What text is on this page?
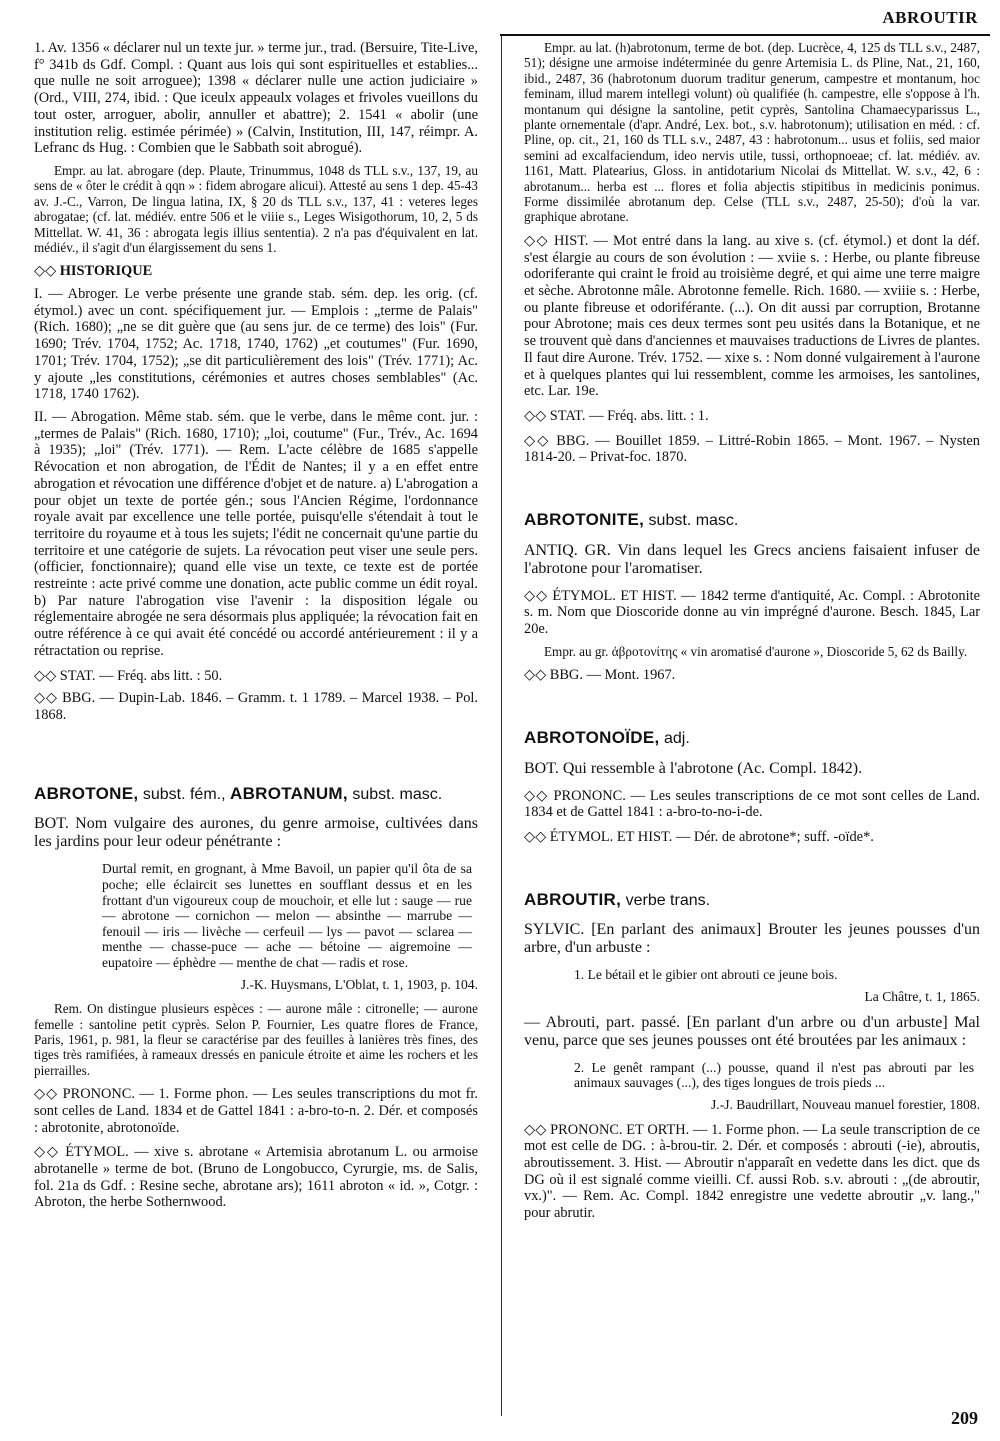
ABROUTIR

1. Av. 1356 « déclarer nul un texte jur. » terme jur., trad. (Bersuire, Tite-Live, f° 341b ds Gdf. Compl. : Quant aus lois qui sont espirituelles et establies... que nulle ne soit arroguee); 1398 « déclarer nulle une action judiciaire » (Ord., VIII, 274, ibid. : Que iceulx appeaulx volages et frivoles vueillons du tout oster, arroguer, abolir, annuller et abattre); 2. 1541 « abolir (une institution relig. estimée périmée) » (Calvin, Institution, III, 147, réimpr. A. Lefranc ds Hug. : Combien que le Sabbath soit abrogué).

Empr. au lat. abrogare (dep. Plaute, Trinummus, 1048 ds TLL s.v., 137, 19, au sens de « ôter le crédit à qqn » : fidem abrogare alicui). Attesté au sens 1 dep. 45-43 av. J.-C., Varron, De lingua latina, IX, § 20 ds TLL s.v., 137, 41 : veteres leges abrogatae; (cf. lat. médiév. entre 506 et le viiie s., Leges Wisigothorum, 10, 2, 5 ds Mittellat. W. 41, 36 : abrogata legis illius sententia). 2 n'a pas d'équivalent en lat. médiév., il s'agit d'un élargissement du sens 1.

◇◇ HISTORIQUE

I. — Abroger. Le verbe présente une grande stab. sém. dep. les orig. (cf. étymol.) avec un cont. spécifiquement jur. — Emplois : „terme de Palais" (Rich. 1680); „ne se dit guère que (au sens jur. de ce terme) des lois" (Fur. 1690; Trév. 1704, 1752; Ac. 1718, 1740, 1762) „et coutumes" (Fur. 1690, 1701; Trév. 1704, 1752); „se dit particulièrement des lois" (Trév. 1771); Ac. y ajoute „les constitutions, cérémonies et autres choses semblables" (Ac. 1718, 1740 1762).

II. — Abrogation. Même stab. sém. que le verbe, dans le même cont. jur. : „termes de Palais" (Rich. 1680, 1710); „loi, coutume" (Fur., Trév., Ac. 1694 à 1935); „loi" (Trév. 1771). — Rem. L'acte célèbre de 1685 s'appelle Révocation et non abrogation, de l'Édit de Nantes; il y a en effet entre abrogation et révocation une différence d'objet et de nature. a) L'abrogation a pour objet un texte de portée gén.; sous l'Ancien Régime, l'ordonnance royale avait par excellence une telle portée, puisqu'elle s'étendait à tout le territoire du royaume et à tous les sujets; l'édit ne concernait qu'une partie du territoire et une catégorie de sujets. La révocation peut viser une seule pers. (officier, fonctionnaire); quand elle vise un texte, ce texte est de portée restreinte : acte privé comme une donation, acte public comme un édit royal. b) Par nature l'abrogation vise l'avenir : la disposition légale ou réglementaire abrogée ne sera désormais plus appliquée; la révocation fait en outre référence à ce qui avait été concédé ou accordé antérieurement : il y a rétractation ou reprise.

◇◇ STAT. — Fréq. abs litt. : 50.

◇◇ BBG. — Dupin-Lab. 1846. – Gramm. t. 1 1789. – Marcel 1938. – Pol. 1868.

ABROTONE, subst. fém., ABROTANUM, subst. masc.

BOT. Nom vulgaire des aurones, du genre armoise, cultivées dans les jardins pour leur odeur pénétrante :

Durtal remit, en grognant, à Mme Bavoil, un papier qu'il ôta de sa poche; elle éclaircit ses lunettes en soufflant dessus et en les frottant d'un vigoureux coup de mouchoir, et elle lut : sauge — rue — abrotone — cornichon — melon — absinthe — marrube — fenouil — iris — livèche — cerfeuil — lys — pavot — sclarea — menthe — chasse-puce — ache — bétoine — aigremoine — eupatoire — éphèdre — menthe de chat — radis et rose.

J.-K. Huysmans, L'Oblat, t. 1, 1903, p. 104.

Rem. On distingue plusieurs espèces : — aurone mâle : citronelle; — aurone femelle : santoline petit cyprès. Selon P. Fournier, Les quatre flores de France, Paris, 1961, p. 981, la fleur se caractérise par des feuilles à lanières très fines, des tiges très ramifiées, à rameaux dressés en panicule étroite et aime les rochers et les pierrailles.

◇◇ PRONONC. — 1. Forme phon. — Les seules transcriptions du mot fr. sont celles de Land. 1834 et de Gattel 1841 : a-bro-to-n. 2. Dér. et composés : abrotonite, abrotonoïde.

◇◇ ÉTYMOL. — xive s. abrotane « Artemisia abrotanum L. ou armoise abrotanelle » terme de bot. (Bruno de Longobucco, Cyrurgie, ms. de Salis, fol. 21a ds Gdf. : Resine seche, abrotane ars); 1611 abroton « id. », Cotgr. : Abroton, the herbe Sothernwood.

Empr. au lat. (h)abrotonum, terme de bot. (dep. Lucrèce, 4, 125 ds TLL s.v., 2487, 51); désigne une armoise indéterminée du genre Artemisia L. ds Pline, Nat., 21, 160, ibid., 2487, 36 (habrotonum duorum traditur generum, campestre et montanum, hoc feminam, illud marem intellegi volunt) où qualifiée (h. campestre, elle s'oppose à l'h. montanum qui désigne la santoline, petit cyprès, Santolina Chamaecyparissus L., plante ornementale (d'apr. André, Lex. bot., s.v. habrotonum); utilisation en méd. : cf. Pline, op. cit., 21, 160 ds TLL s.v., 2487, 43 : habrotonum... usus et foliis, sed maior semini ad excalfaciendum, ideo nervis utile, tussi, orthopnoeae; cf. lat. médiév. av. 1161, Matt. Platearius, Gloss. in antidotarium Nicolai ds Mittellat. W. s.v., 42, 6 : abrotanum... herba est ... flores et folia abjectis stipitibus in medicinis ponimus. Forme dissimilée abrotanum dep. Celse (TLL s.v., 2487, 25-50); d'où la var. graphique abrotane.

◇◇ HIST. — Mot entré dans la lang. au xive s. (cf. étymol.) et dont la déf. s'est élargie au cours de son évolution : — xviie s. : Herbe, ou plante fibreuse odoriferante qui craint le froid au troisième degré, et qui aime une terre maigre et sèche. Abrotonne mâle. Abrotonne femelle. Rich. 1680. — xviiie s. : Herbe, ou plante fibreuse et odoriférante. (...). On dit aussi par corruption, Brotanne pour Abrotone; mais ces deux termes sont peu usités dans la Botanique, et ne se trouvent què dans d'anciennes et mauvaises traductions de Livres de plantes. Il faut dire Aurone. Trév. 1752. — xixe s. : Nom donné vulgairement à l'aurone et à quelques plantes qui lui ressemblent, comme les armoises, les santolines, etc. Lar. 19e.

◇◇ STAT. — Fréq. abs. litt. : 1.

◇◇ BBG. — Bouillet 1859. – Littré-Robin 1865. – Mont. 1967. – Nysten 1814-20. – Privat-foc. 1870.

ABROTONITE, subst. masc.

ANTIQ. GR. Vin dans lequel les Grecs anciens faisaient infuser de l'abrotone pour l'aromatiser.

◇◇ ÉTYMOL. ET HIST. — 1842 terme d'antiquité, Ac. Compl. : Abrotonite s. m. Nom que Dioscoride donne au vin imprégné d'aurone. Besch. 1845, Lar 20e.

Empr. au gr. ἀβροτονίτης « vin aromatisé d'aurone », Dioscoride 5, 62 ds Bailly.

◇◇ BBG. — Mont. 1967.

ABROTONOÏDE, adj.

BOT. Qui ressemble à l'abrotone (Ac. Compl. 1842).

◇◇ PRONONC. — Les seules transcriptions de ce mot sont celles de Land. 1834 et de Gattel 1841 : a-bro-to-no-i-de.

◇◇ ÉTYMOL. ET HIST. — Dér. de abrotone*; suff. -oïde*.

ABROUTIR, verbe trans.

SYLVIC. [En parlant des animaux] Brouter les jeunes pousses d'un arbre, d'un arbuste :

1. Le bétail et le gibier ont abrouti ce jeune bois.

La Châtre, t. 1, 1865.

— Abrouti, part. passé. [En parlant d'un arbre ou d'un arbuste] Mal venu, parce que ses jeunes pousses ont été broutées par les animaux :

2. Le genêt rampant (...) pousse, quand il n'est pas abrouti par les animaux sauvages (...), des tiges longues de trois pieds ...

J.-J. Baudrillart, Nouveau manuel forestier, 1808.

◇◇ PRONONC. ET ORTH. — 1. Forme phon. — La seule transcription de ce mot est celle de DG. : à-brou-tir. 2. Dér. et composés : abrouti (-ie), abroutis, abroutissement. 3. Hist. — Abroutir n'apparaît en vedette dans les dict. que ds DG où il est signalé comme vieilli. Cf. aussi Rob. s.v. abrouti : „(de abroutir, vx.)". — Rem. Ac. Compl. 1842 enregistre une vedette abroutir „v. lang.," pour abrutir.

209
